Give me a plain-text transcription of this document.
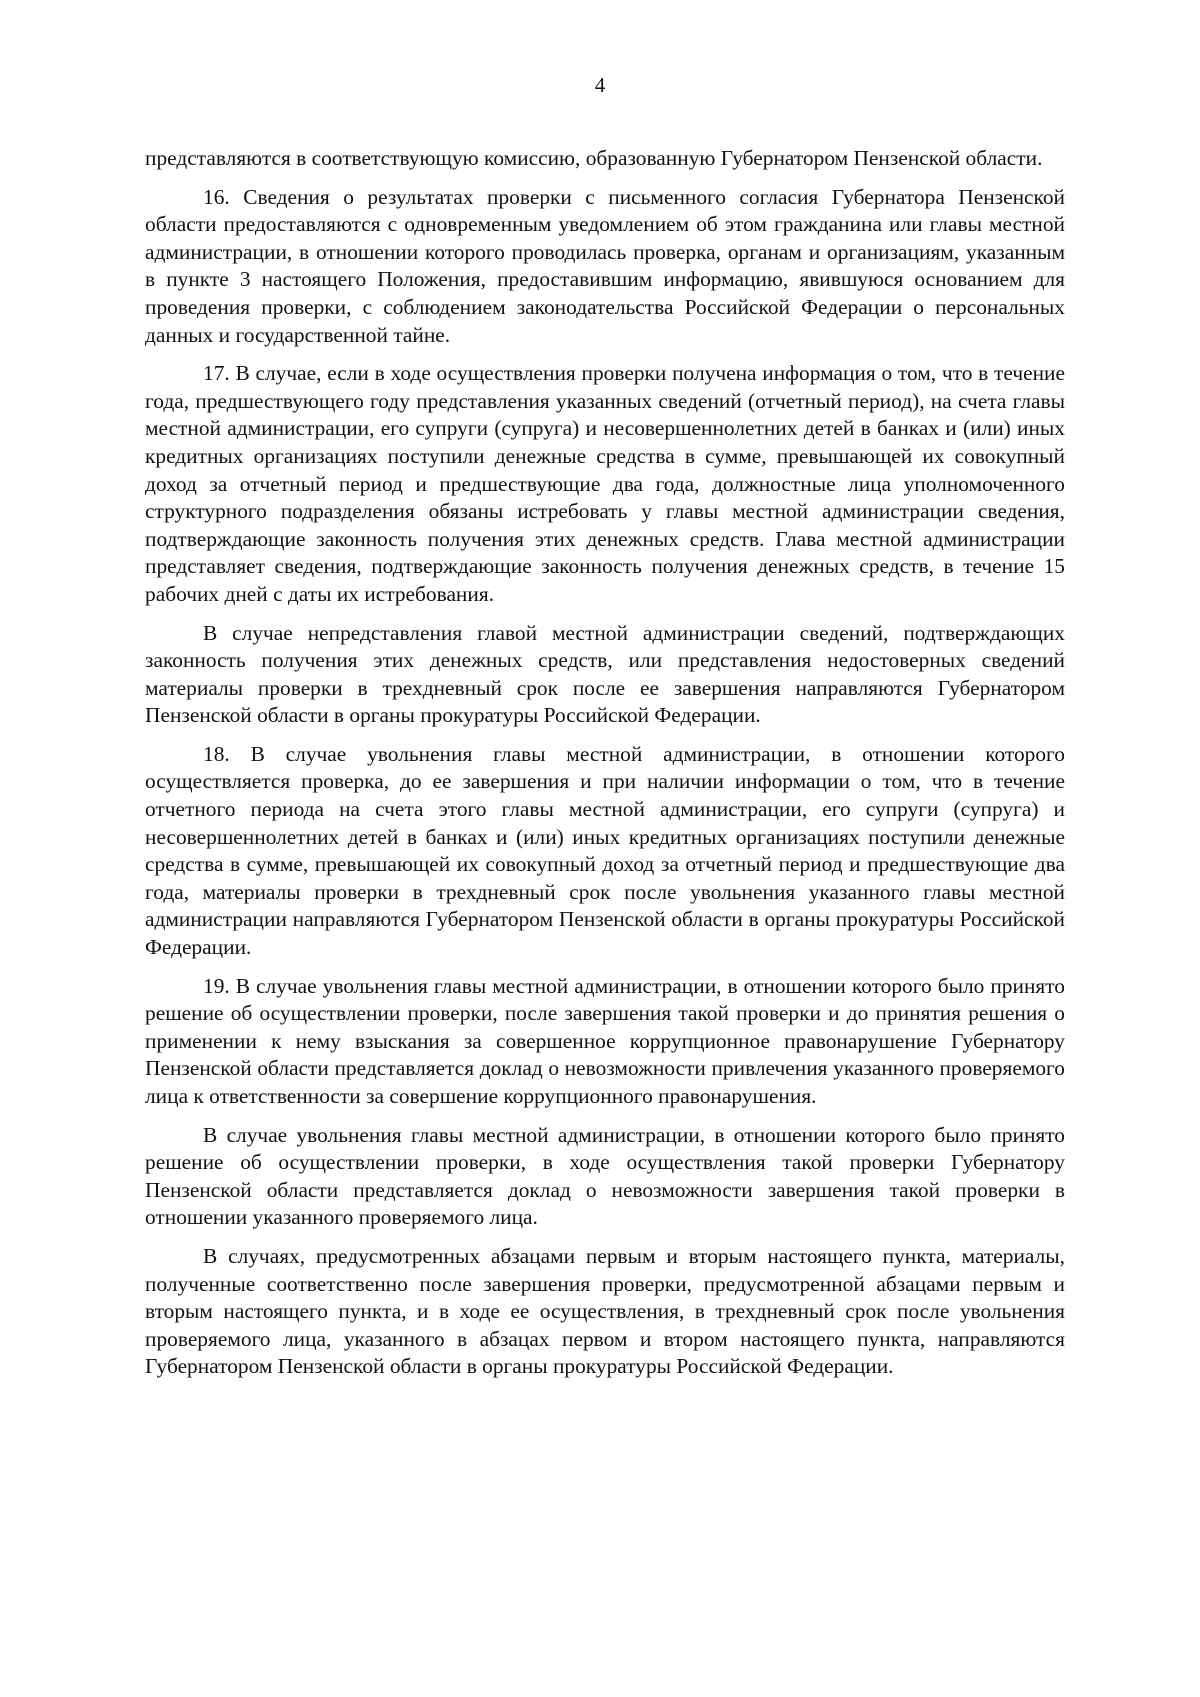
4

представляются в соответствующую комиссию, образованную Губернатором Пензенской области.

16. Сведения о результатах проверки с письменного согласия Губернатора Пензенской области предоставляются с одновременным уведомлением об этом гражданина или главы местной администрации, в отношении которого проводилась проверка, органам и организациям, указанным в пункте 3 настоящего Положения, предоставившим информацию, явившуюся основанием для проведения проверки, с соблюдением законодательства Российской Федерации о персональных данных и государственной тайне.

17. В случае, если в ходе осуществления проверки получена информация о том, что в течение года, предшествующего году представления указанных сведений (отчетный период), на счета главы местной администрации, его супруги (супруга) и несовершеннолетних детей в банках и (или) иных кредитных организациях поступили денежные средства в сумме, превышающей их совокупный доход за отчетный период и предшествующие два года, должностные лица уполномоченного структурного подразделения обязаны истребовать у главы местной администрации сведения, подтверждающие законность получения этих денежных средств. Глава местной администрации представляет сведения, подтверждающие законность получения денежных средств, в течение 15 рабочих дней с даты их истребования.

В случае непредставления главой местной администрации сведений, подтверждающих законность получения этих денежных средств, или представления недостоверных сведений материалы проверки в трехдневный срок после ее завершения направляются Губернатором Пензенской области в органы прокуратуры Российской Федерации.

18. В случае увольнения главы местной администрации, в отношении которого осуществляется проверка, до ее завершения и при наличии информации о том, что в течение отчетного периода на счета этого главы местной администрации, его супруги (супруга) и несовершеннолетних детей в банках и (или) иных кредитных организациях поступили денежные средства в сумме, превышающей их совокупный доход за отчетный период и предшествующие два года, материалы проверки в трехдневный срок после увольнения указанного главы местной администрации направляются Губернатором Пензенской области в органы прокуратуры Российской Федерации.

19. В случае увольнения главы местной администрации, в отношении которого было принято решение об осуществлении проверки, после завершения такой проверки и до принятия решения о применении к нему взыскания за совершенное коррупционное правонарушение Губернатору Пензенской области представляется доклад о невозможности привлечения указанного проверяемого лица к ответственности за совершение коррупционного правонарушения.

В случае увольнения главы местной администрации, в отношении которого было принято решение об осуществлении проверки, в ходе осуществления такой проверки Губернатору Пензенской области представляется доклад о невозможности завершения такой проверки в отношении указанного проверяемого лица.

В случаях, предусмотренных абзацами первым и вторым настоящего пункта, материалы, полученные соответственно после завершения проверки, предусмотренной абзацами первым и вторым настоящего пункта, и в ходе ее осуществления, в трехдневный срок после увольнения проверяемого лица, указанного в абзацах первом и втором настоящего пункта, направляются Губернатором Пензенской области в органы прокуратуры Российской Федерации.
